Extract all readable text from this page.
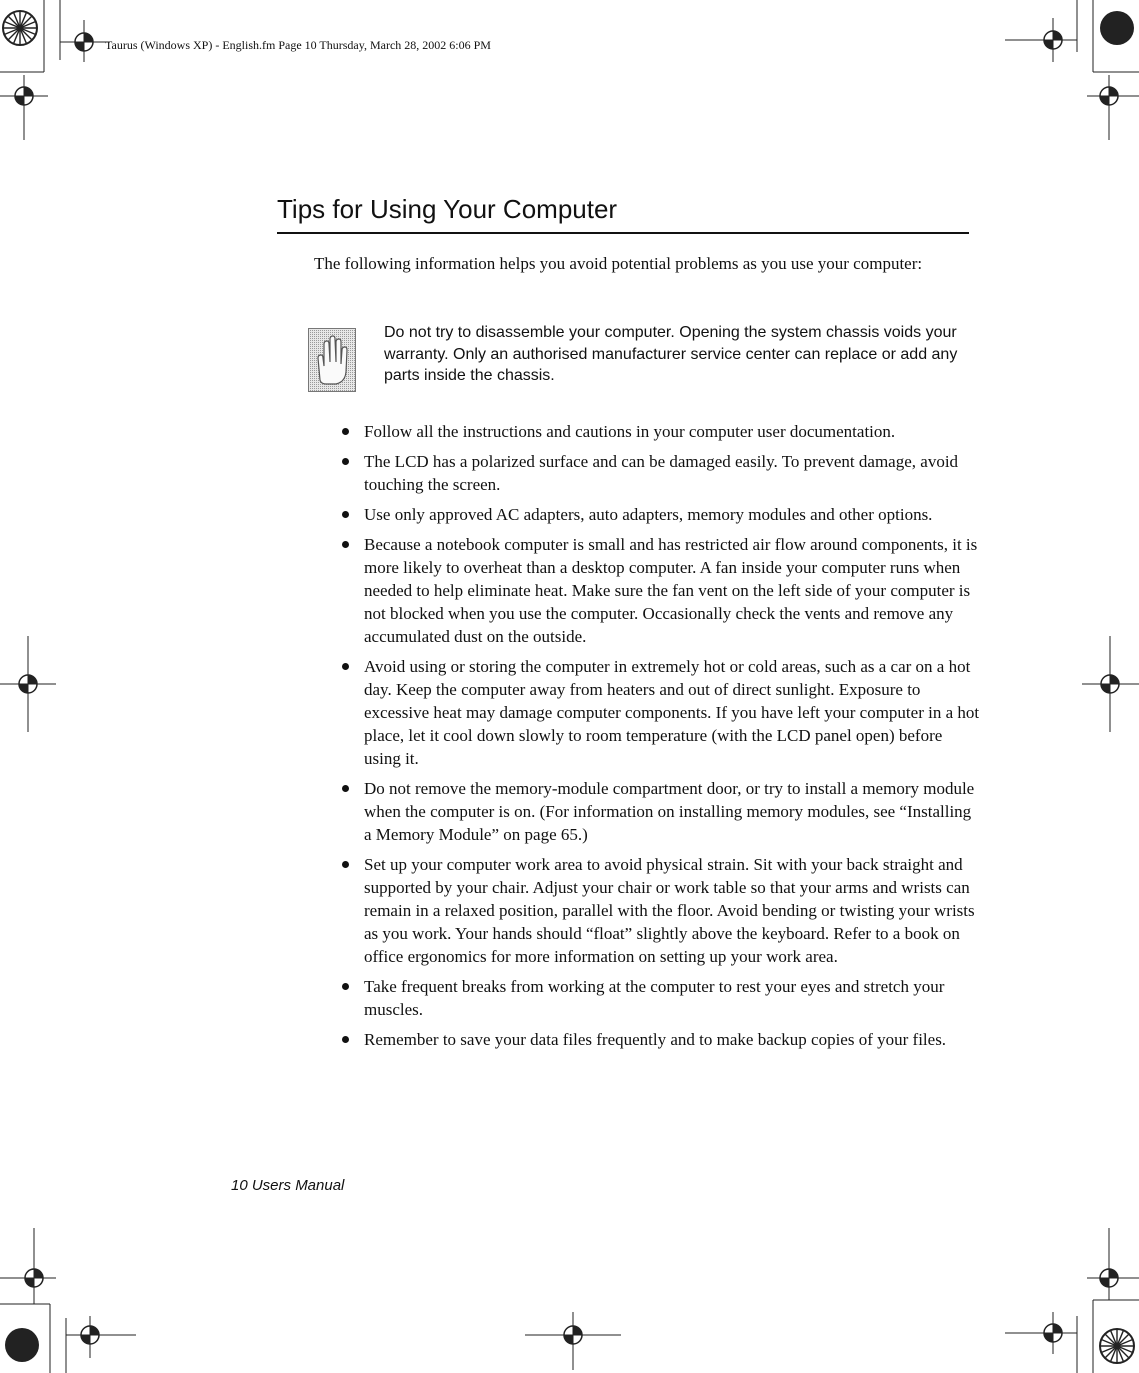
Taurus (Windows XP) - English.fm Page 10 Thursday, March 28, 2002 6:06 PM
Tips for Using Your Computer

The following information helps you avoid potential problems as you use your computer:

Do not try to disassemble your computer. Opening the system chassis voids your warranty. Only an authorised manufacturer service center can replace or add any parts inside the chassis.

Follow all the instructions and cautions in your computer user documentation.
The LCD has a polarized surface and can be damaged easily. To prevent damage, avoid touching the screen.
Use only approved AC adapters, auto adapters, memory modules and other options.
Because a notebook computer is small and has restricted air flow around components, it is more likely to overheat than a desktop computer. A fan inside your computer runs when needed to help eliminate heat. Make sure the fan vent on the left side of your computer is not blocked when you use the computer. Occasionally check the vents and remove any accumulated dust on the outside.
Avoid using or storing the computer in extremely hot or cold areas, such as a car on a hot day. Keep the computer away from heaters and out of direct sunlight. Exposure to excessive heat may damage computer components. If you have left your computer in a hot place, let it cool down slowly to room temperature (with the LCD panel open) before using it.
Do not remove the memory-module compartment door, or try to install a memory module when the computer is on. (For information on installing memory modules, see “Installing a Memory Module” on page 65.)
Set up your computer work area to avoid physical strain. Sit with your back straight and supported by your chair. Adjust your chair or work table so that your arms and wrists can remain in a relaxed position, parallel with the floor. Avoid bending or twisting your wrists as you work. Your hands should “float” slightly above the keyboard. Refer to a book on office ergonomics for more information on setting up your work area.
Take frequent breaks from working at the computer to rest your eyes and stretch your muscles.
Remember to save your data files frequently and to make backup copies of your files.
10 Users Manual
